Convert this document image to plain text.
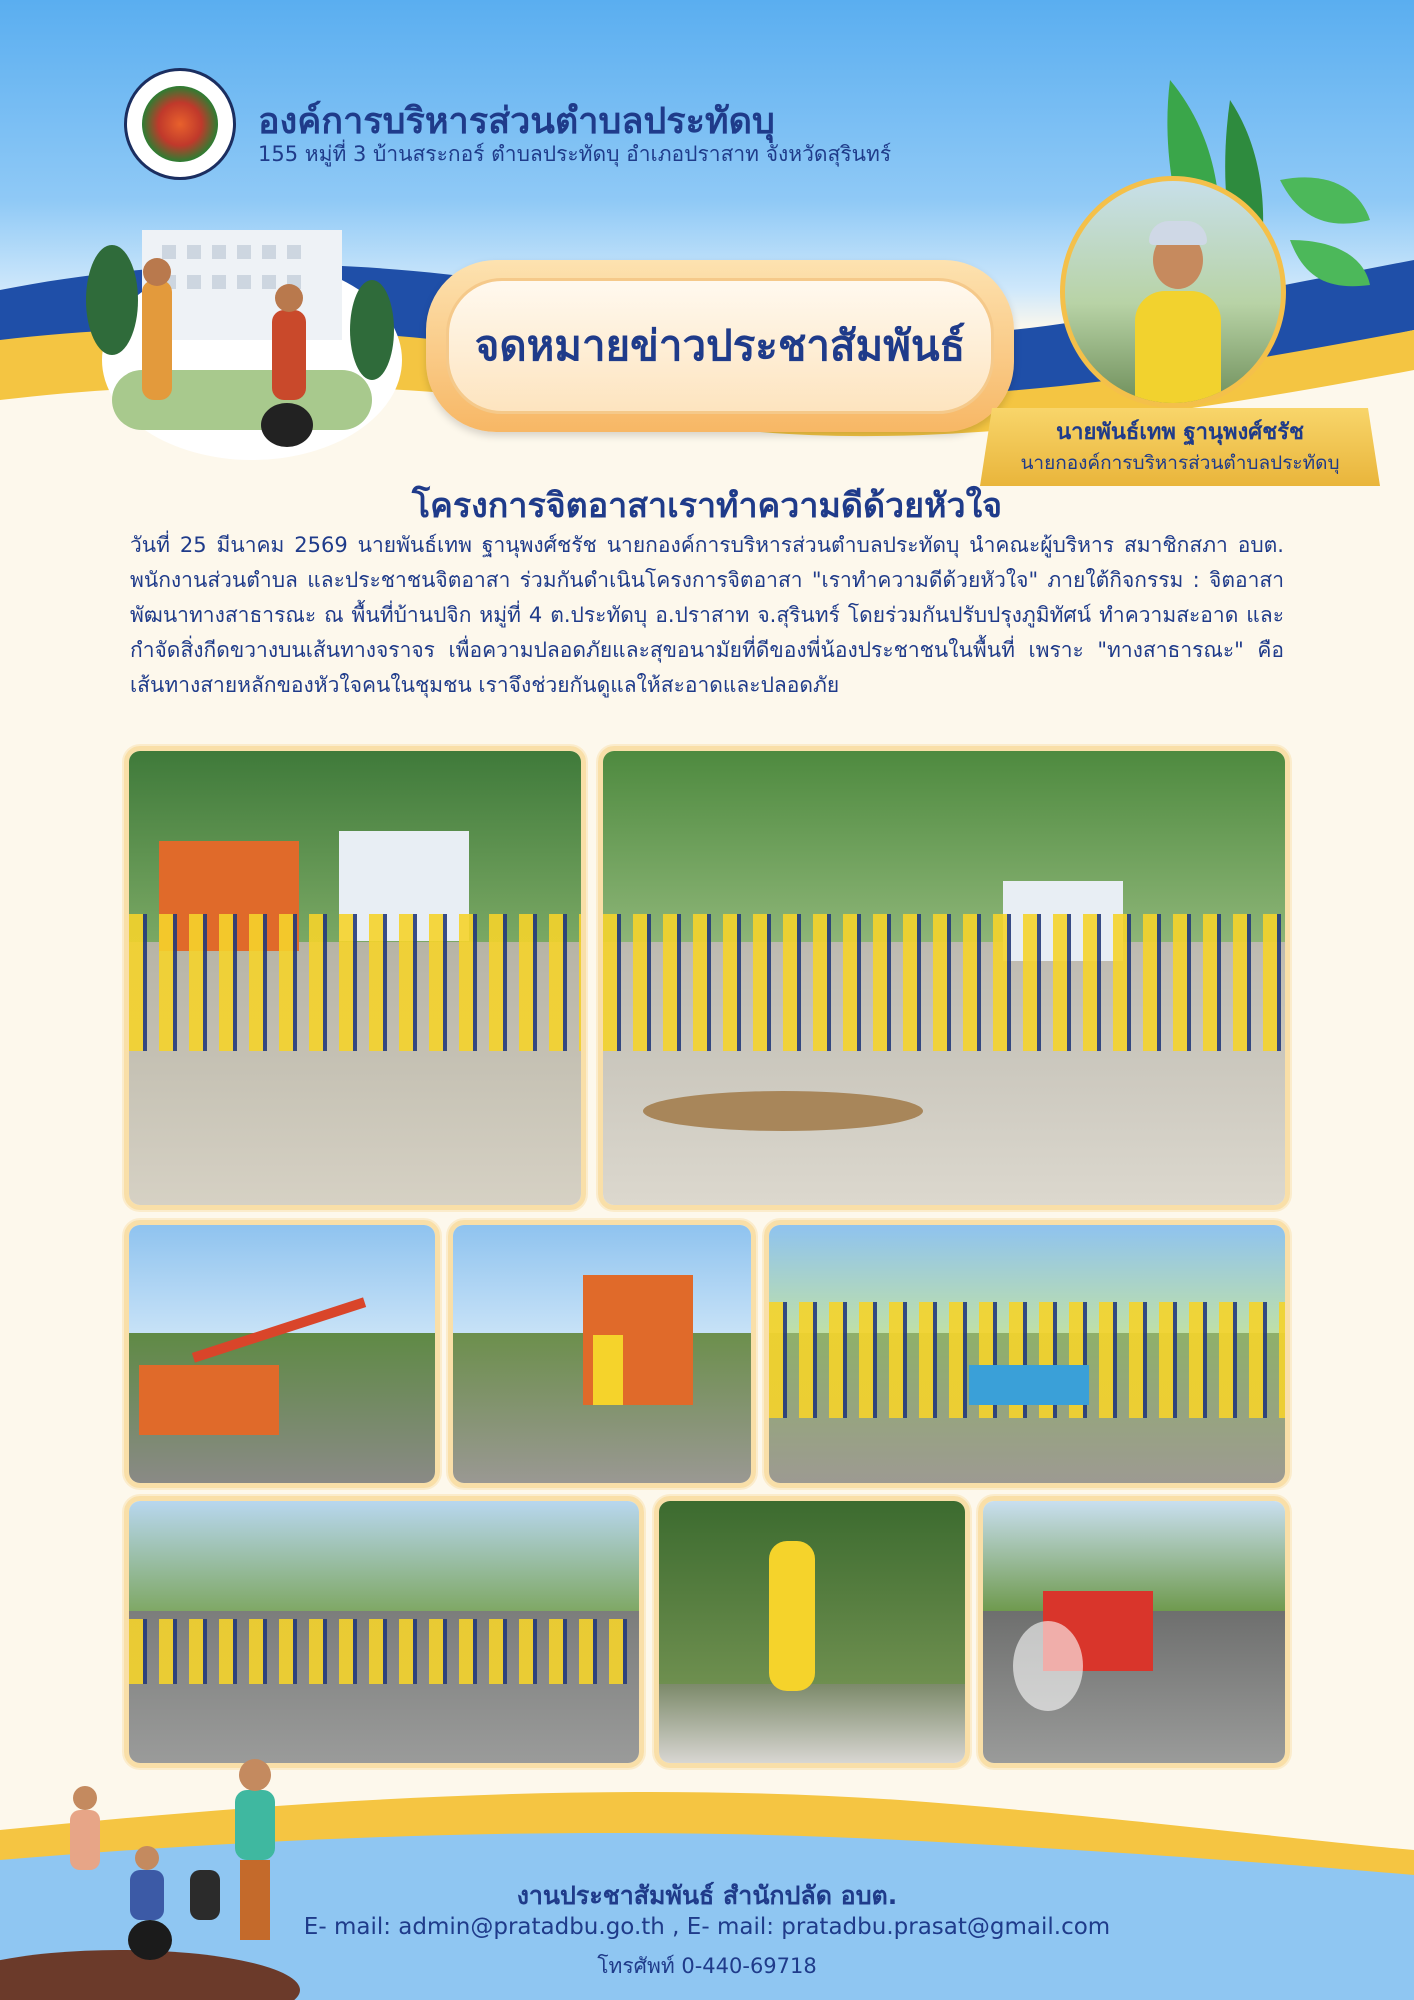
องค์การบริหารส่วนตำบลประทัดบุ
155 หมู่ที่ 3 บ้านสระกอร์ ตำบลประทัดบุ อำเภอปราสาท จังหวัดสุรินทร์
จดหมายข่าวประชาสัมพันธ์
นายพันธ์เทพ ฐานุพงศ์ชรัช
นายกองค์การบริหารส่วนตำบลประทัดบุ
โครงการจิตอาสาเราทำความดีด้วยหัวใจ
วันที่ 25 มีนาคม 2569 นายพันธ์เทพ ฐานุพงศ์ชรัช นายกองค์การบริหารส่วนตำบลประทัดบุ นำคณะผู้บริหาร สมาชิกสภา อบต. พนักงานส่วนตำบล และประชาชนจิตอาสา ร่วมกันดำเนินโครงการจิตอาสา "เราทำความดีด้วยหัวใจ" ภายใต้กิจกรรม : จิตอาสาพัฒนาทางสาธารณะ ณ พื้นที่บ้านปจิก หมู่ที่ 4 ต.ประทัดบุ อ.ปราสาท จ.สุรินทร์ โดยร่วมกันปรับปรุงภูมิทัศน์ ทำความสะอาด และกำจัดสิ่งกีดขวางบนเส้นทางจราจร เพื่อความปลอดภัยและสุขอนามัยที่ดีของพี่น้องประชาชนในพื้นที่ เพราะ "ทางสาธารณะ" คือเส้นทางสายหลักของหัวใจคนในชุมชน เราจึงช่วยกันดูแลให้สะอาดและปลอดภัย
งานประชาสัมพันธ์ สำนักปลัด อบต.
E- mail: admin@pratadbu.go.th , E- mail: pratadbu.prasat@gmail.com
โทรศัพท์ 0-440-69718
